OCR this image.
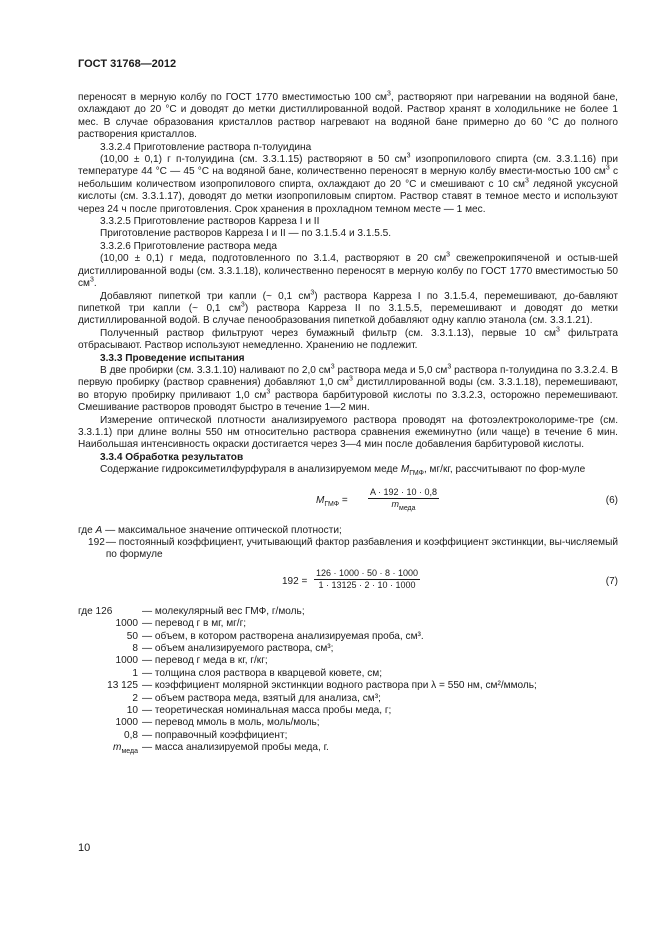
ГОСТ 31768—2012

переносят в мерную колбу по ГОСТ 1770 вместимостью 100 $см^3$, растворяют при нагревании на водяной бане, охлаждают до 20 °С и доводят до метки дистиллированной водой. Раствор хранят в холодильнике не более 1 мес. В случае образования кристаллов раствор нагревают на водяной бане примерно до 60 °С до полного растворения кристаллов.

3.3.2.4 Приготовление раствора п-толуидина

(10,00 ± 0,1) г п-толуидина (см. 3.3.1.15) растворяют в 50 $см^3$ изопропилового спирта (см. 3.3.1.16) при температуре 44 °С — 45 °С на водяной бане, количественно переносят в мерную колбу вмести-мостью 100 $см^3$ с небольшим количеством изопропилового спирта, охлаждают до 20 °С и смешивают с 10 $см^3$ ледяной уксусной кислоты (см. 3.3.1.17), доводят до метки изопропиловым спиртом. Раствор ставят в темное место и используют через 24 ч после приготовления. Срок хранения в прохладном темном месте — 1 мес.

3.3.2.5 Приготовление растворов Карреза I и II

Приготовление растворов Карреза I и II — по 3.1.5.4 и 3.1.5.5.

3.3.2.6 Приготовление раствора меда

(10,00 ± 0,1) г меда, подготовленного по 3.1.4, растворяют в 20 $см^3$ свежепрокипяченой и остыв-шей дистиллированной воды (см. 3.3.1.18), количественно переносят в мерную колбу по ГОСТ 1770 вместимостью 50 $см^3$.

Добавляют пипеткой три капли (~ 0,1 $см^3$) раствора Карреза I по 3.1.5.4, перемешивают, до-бавляют пипеткой три капли (~ 0,1 $см^3$) раствора Карреза II по 3.1.5.5, перемешивают и доводят до метки дистиллированной водой. В случае пенообразования пипеткой добавляют одну каплю этанола (см. 3.3.1.21).

Полученный раствор фильтруют через бумажный фильтр (см. 3.3.1.13), первые 10 $см^3$ фильтрата отбрасывают. Раствор используют немедленно. Хранению не подлежит.

3.3.3 Проведение испытания

В две пробирки (см. 3.3.1.10) наливают по 2,0 $см^3$ раствора меда и 5,0 $см^3$ раствора п-толуидина по 3.3.2.4. В первую пробирку (раствор сравнения) добавляют 1,0 $см^3$ дистиллированной воды (см. 3.3.1.18), перемешивают, во вторую пробирку приливают 1,0 $см^3$ раствора барбитуровой кислоты по 3.3.2.3, осторожно перемешивают. Смешивание растворов проводят быстро в течение 1—2 мин.

Измерение оптической плотности анализируемого раствора проводят на фотоэлектроколориме-тре (см. 3.3.1.1) при длине волны 550 нм относительно раствора сравнения ежеминутно (или чаще) в течение 6 мин. Наибольшая интенсивность окраски достигается через 3—4 мин после добавления барбитуровой кислоты.

3.3.4 Обработка результатов

Содержание гидроксиметилфурфураля в анализируемом меде $M_{ГМФ}$, мг/кг, рассчитывают по фор-муле

$M_{ГМФ}$ =
A · 192 · 10 · 0,8
$m_{меда}$
(6)

где A — максимальное значение оптической плотности;

192 — постоянный коэффициент, учитывающий фактор разбавления и коэффициент экстинкции, вы-числяемый по формуле
$192 = \frac{126 \cdot 1000 \cdot 50 \cdot 8 \cdot 1000}{1 \cdot 13125 \cdot 2 \cdot 10 \cdot 1000}$	(7)
где 126	— молекулярный вес ГМФ, г/моль;
1000 — перевод г в мг, мг/г;
50 — объем, в котором растворена анализируемая проба, см³.
8 — объем анализируемого раствора, см³;
1000 — перевод г меда в кг, г/кг;
1 — толщина слоя раствора в кварцевой кювете, см;
13 125 — коэффициент молярной экстинкции водного раствора при λ = 550 нм, см²/ммоль;
2 — объем раствора меда, взятый для анализа, см³;
10 — теоретическая номинальная масса пробы меда, г;
1000 — перевод ммоль в моль, моль/моль;
0,8 — поправочный коэффициент;
$m_{меда}$ — масса анализируемой пробы меда, г.
10
